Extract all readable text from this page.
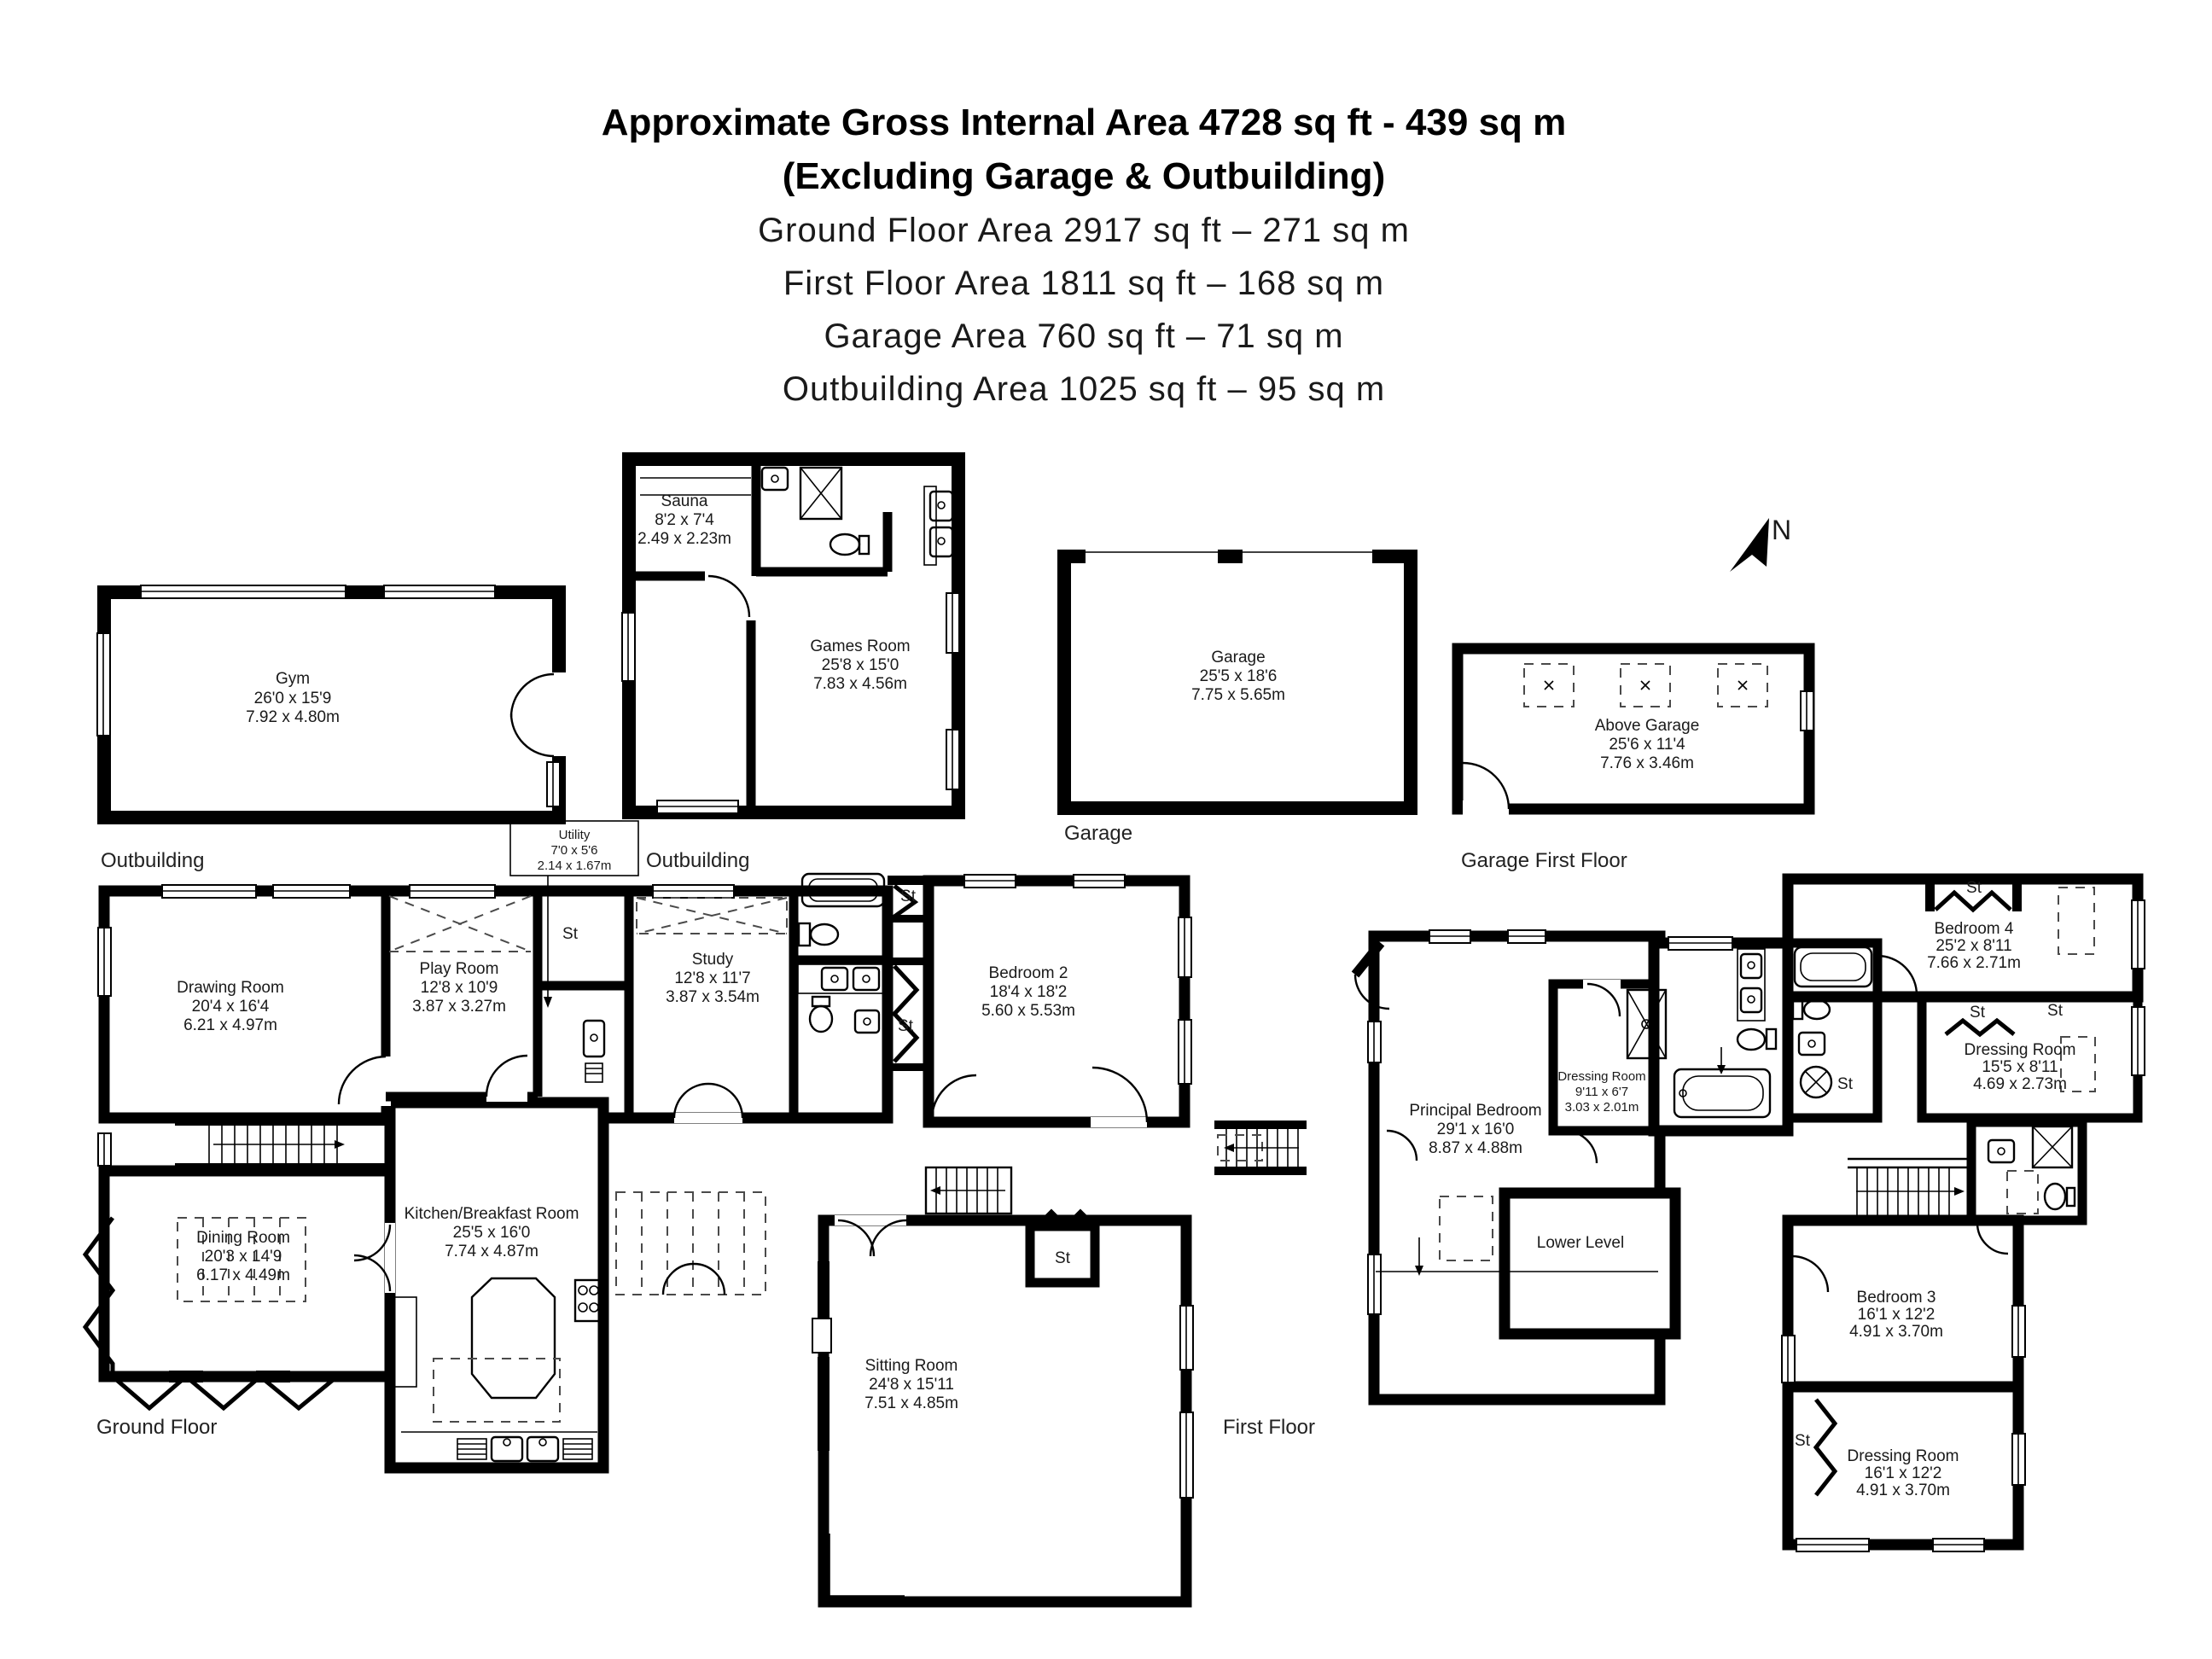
Approximate Gross Internal Area 4728 sq ft - 439 sq m
(Excluding Garage & Outbuilding)
Ground Floor Area 2917 sq ft – 271 sq m
First Floor Area 1811 sq ft – 168 sq m
Garage Area 760 sq ft – 71 sq m
Outbuilding Area 1025 sq ft – 95 sq m
Gym
26'0 x 15'9
7.92 x 4.80m
Outbuilding
Sauna
8'2 x 7'4
2.49 x 2.23m
Games Room
25'8 x 15'0
7.83 x 4.56m
Outbuilding
Garage
25'5 x 18'6
7.75 x 5.65m
Garage
Above Garage
25'6 x 11'4
7.76 x 3.46m
Garage First Floor
N
Utility
7'0 x 5'6
2.14 x 1.67m
St
St
Dining Room
20'3 x 14'9
6.17 x 4.49m
Kitchen/Breakfast Room
25'5 x 16'0
7.74 x 4.87m	St
Sitting Room
24'8 x 15'11
7.51 x 4.85m
Drawing Room
20'4 x 16'4
6.21 x 4.97m
Play Room
12'8 x 10'9
3.87 x 3.27m
St
Study
12'8 x 11'7
3.87 x 3.54m
Bedroom 2
18'4 x 18'2
5.60 x 5.53m
Ground Floor
Dressing Room
9'11 x 6'7
3.03 x 2.01m
Principal Bedroom
29'1 x 16'0
8.87 x 4.88m
Lower Level
St
Bedroom 4
25'2 x 8'11
7.66 x 2.71m
St
St	St
Dressing Room
15'5 x 8'11
4.69 x 2.73m
Bedroom 3
16'1 x 12'2
4.91 x 3.70m
St
Dressing Room
16'1 x 12'2
4.91 x 3.70m
First Floor
